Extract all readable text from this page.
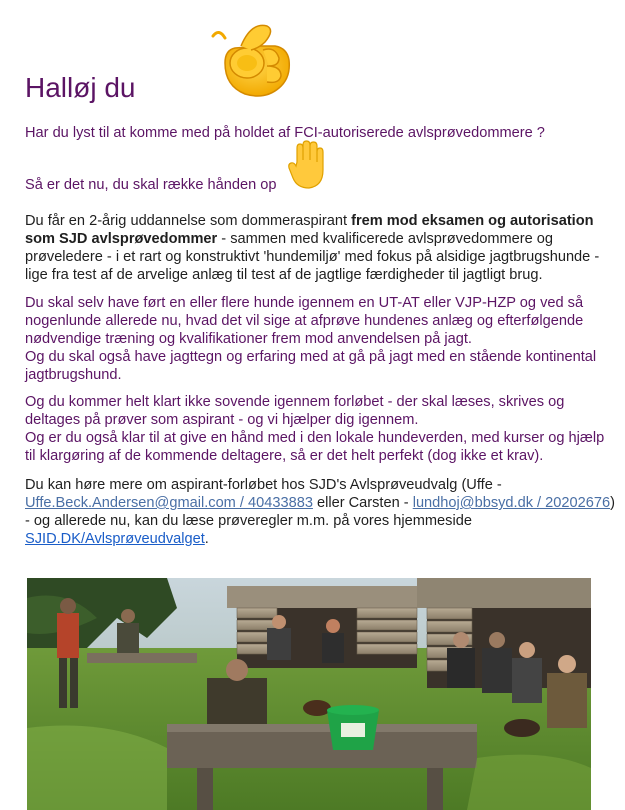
Halløj du
Har du lyst til at komme med på holdet af FCI-autoriserede avlsprøvedommere ?
Så er det nu, du skal række hånden op
Du får en 2-årig uddannelse som dommeraspirant frem mod eksamen og autorisation som SJD avlsprøvedommer - sammen med kvalificerede avlsprøvedommere og prøveledere - i et rart og konstruktivt 'hundemiljø' med fokus på alsidige jagtbrugshunde - lige fra test af de arvelige anlæg til test af de jagtlige færdigheder til jagtligt brug.
Du skal selv have ført en eller flere hunde igennem en UT-AT eller VJP-HZP og ved så nogenlunde allerede nu, hvad det vil sige at afprøve hundenes anlæg og efterfølgende nødvendige træning og kvalifikationer frem mod anvendelsen på jagt.
Og du skal også have jagttegn og erfaring med at gå på jagt med en stående kontinental jagtbrugshund.
Og du kommer helt klart ikke sovende igennem forløbet - der skal læses, skrives og deltages på prøver som aspirant - og vi hjælper dig igennem.
Og er du også klar til at give en hånd med i den lokale hundeverden, med kurser og hjælp til klargøring af de kommende deltagere, så er det helt perfekt (dog ikke et krav).
Du kan høre mere om aspirant-forløbet hos SJD's Avlsprøveudvalg (Uffe - Uffe.Beck.Andersen@gmail.com / 40433883 eller Carsten - lundhoj@bbsyd.dk / 20202676) - og allerede nu, kan du læse prøveregler m.m. på vores hjemmeside SJID.DK/Avlsprøveudvalget.
